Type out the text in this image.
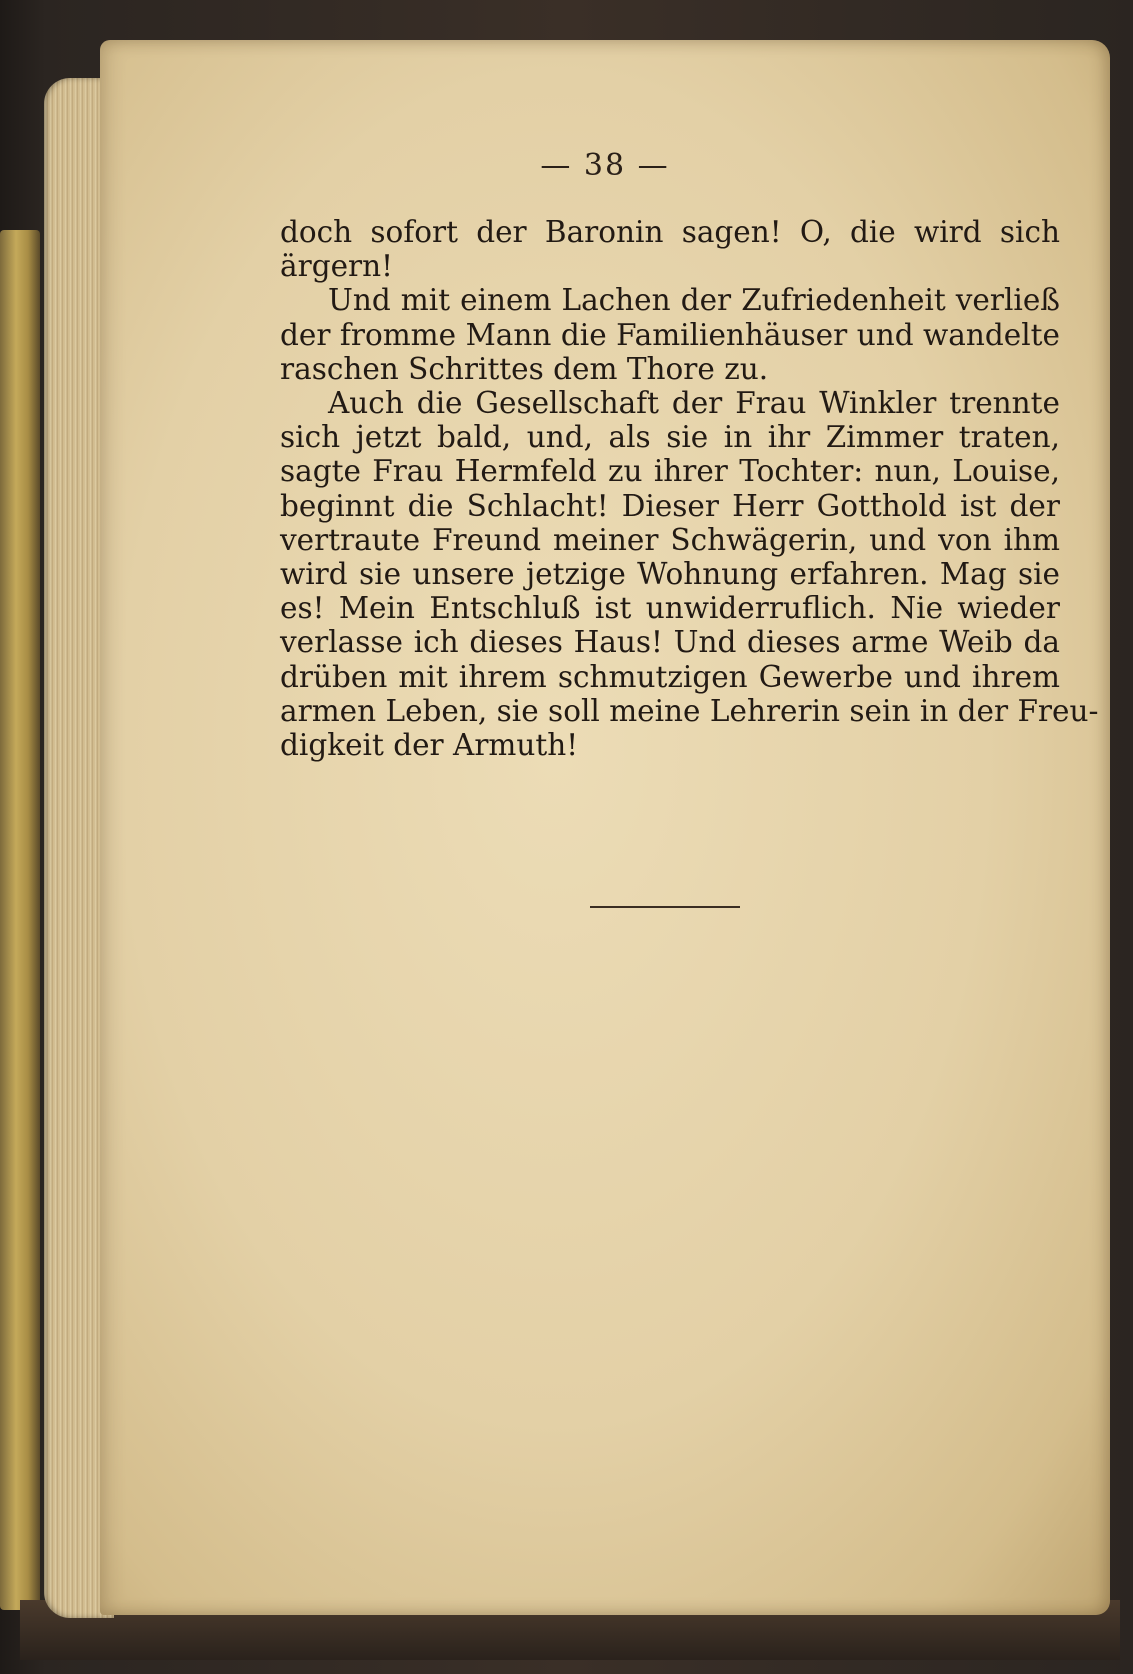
— 38 —
doch sofort der Baronin sagen! O, die wird sich
ärgern!
Und mit einem Lachen der Zufriedenheit verließ
der fromme Mann die Familienhäuser und wandelte
raschen Schrittes dem Thore zu.
Auch die Gesellschaft der Frau Winkler trennte
sich jetzt bald, und, als sie in ihr Zimmer traten,
sagte Frau Hermfeld zu ihrer Tochter: nun, Louise,
beginnt die Schlacht! Dieser Herr Gotthold ist der
vertraute Freund meiner Schwägerin, und von ihm
wird sie unsere jetzige Wohnung erfahren. Mag sie
es! Mein Entschluß ist unwiderruflich. Nie wieder
verlasse ich dieses Haus! Und dieses arme Weib da
drüben mit ihrem schmutzigen Gewerbe und ihrem
armen Leben, sie soll meine Lehrerin sein in der Freu-
digkeit der Armuth!
